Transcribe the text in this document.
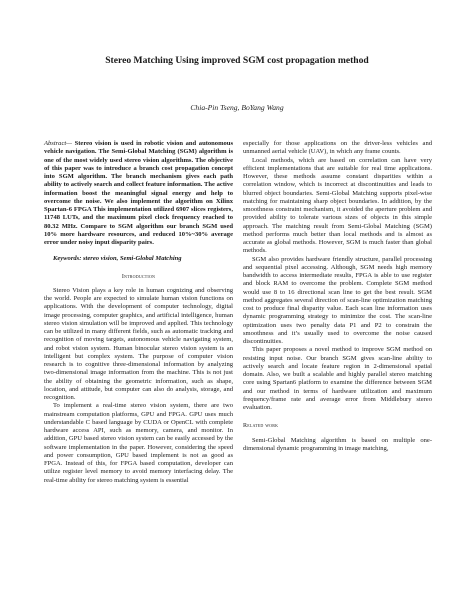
Stereo Matching Using improved SGM cost propagation method
Chia-Pin Tseng, BoYang Wang

Abstract— Stereo vision is used in robotic vision and autonomous vehicle navigation. The Semi-Global Matching (SGM) algorithm is one of the most widely used stereo vision algorithms. The objective of this paper was to introduce a branch cost propagation concept into SGM algorithm. The branch mechanism gives each path ability to actively search and collect feature information. The active information boost the meaningful signal energy and help to overcome the noise. We also implement the algorithm on Xilinx Spartan-6 FPGA This implementation utilized 6907 slices registers, 11748 LUTs, and the maximum pixel clock frequency reached to 80.32 MHz. Compare to SGM algorithm our branch SGM used 10% more hardware resources, and reduced 10%~30% average error under noisy input disparity pairs.

Keywords: stereo vision, Semi-Global Matching

Introduction

Stereo Vision plays a key role in human cognizing and observing the world. People are expected to simulate human vision functions on applications. With the development of computer technology, digital image processing, computer graphics, and artificial intelligence, human stereo vision simulation will be improved and applied. This technology can be utilized in many different fields, such as automatic tracking and recognition of moving targets, autonomous vehicle navigating system, and robot vision system. Human binocular stereo vision system is an intelligent but complex system. The purpose of computer vision research is to cognitive three-dimensional information by analyzing two-dimensional image information from the machine. This is not just the ability of obtaining the geometric information, such as shape, location, and attitude, but computer can also do analysis, storage, and recognition.

To implement a real-time stereo vision system, there are two mainstream computation platforms, GPU and FPGA. GPU uses much understandable C based language by CUDA or OpenCL with complete hardware access API, such as memory, camera, and monitor. In addition, GPU based stereo vision system can be easily accessed by the software implementation in the paper. However, considering the speed and power consumption, GPU based implement is not as good as FPGA. Instead of this, for FPGA based computation, developer can utilize register level memory to avoid memory interfacing delay. The real-time ability for stereo matching system is essential

especially for those applications on the driver-less vehicles and unmanned aerial vehicle (UAV), in which any frame counts.

Local methods, which are based on correlation can have very efficient implementations that are suitable for real time applications. However, these methods assume constant disparities within a correlation window, which is incorrect at discontinuities and leads to blurred object boundaries. Semi-Global Matching supports pixel-wise matching for maintaining sharp object boundaries. In addition, by the smoothness constraint mechanism, it avoided the aperture problem and provided ability to tolerate various sizes of objects in this simple approach. The matching result from Semi-Global Matching (SGM) method performs much better than local methods and is almost as accurate as global methods. However, SGM is much faster than global methods.

SGM also provides hardware friendly structure, parallel processing and sequential pixel accessing. Although, SGM needs high memory bandwidth to access intermediate results, FPGA is able to use register and block RAM to overcome the problem. Complete SGM method would use 8 to 16 directional scan line to get the best result. SGM method aggregates several direction of scan-line optimization matching cost to produce final disparity value. Each scan line information uses dynamic programming strategy to minimize the cost. The scan-line optimization uses two penalty data P1 and P2 to constrain the smoothness and it’s usually used to overcome the noise caused discontinuities.

This paper proposes a novel method to improve SGM method on resisting input noise. Our branch SGM gives scan-line ability to actively search and locate feature region in 2-dimensional spatial domain. Also, we built a scalable and highly parallel stereo matching core using Spartan6 platform to examine the difference between SGM and our method in terms of hardware utilization and maximum frequency/frame rate and average error from Middlebury stereo evaluation.

Related work

Semi-Global Matching algorithm is based on multiple one-dimensional dynamic programming in image matching,
